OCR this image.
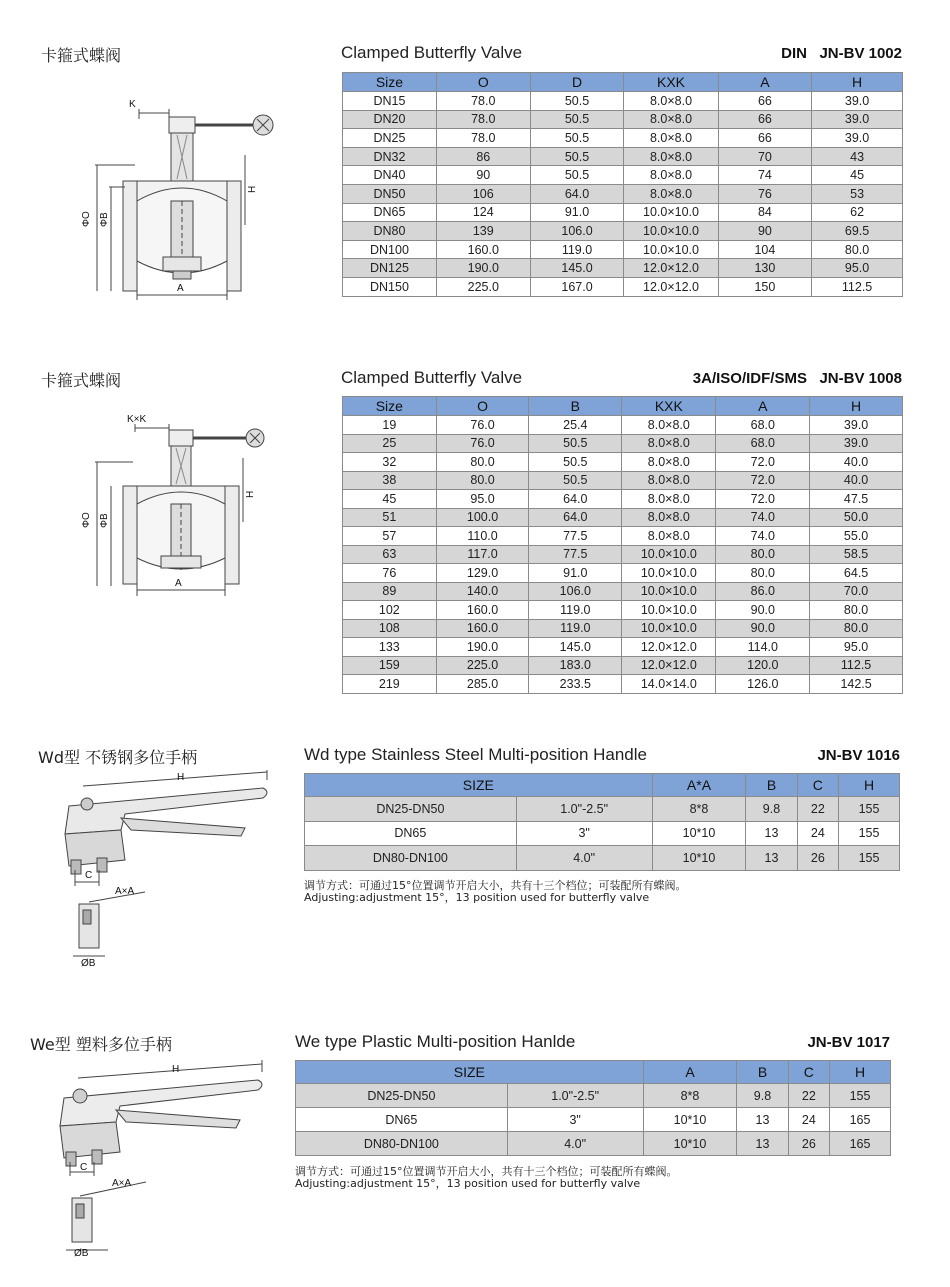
卡箍式蝶阀	Clamped Butterfly Valve	DIN   JN-BV 1002
K
ΦO ΦB
H
A
Size	O	D	KXK	A	H
DN15	78.0	50.5	8.0×8.0	66	39.0
DN20	78.0	50.5	8.0×8.0	66	39.0
DN25	78.0	50.5	8.0×8.0	66	39.0
DN32	86	50.5	8.0×8.0	70	43
DN40	90	50.5	8.0×8.0	74	45
DN50	106	64.0	8.0×8.0	76	53
DN65	124	91.0	10.0×10.0	84	62
DN80	139	106.0	10.0×10.0	90	69.5
DN100	160.0	119.0	10.0×10.0	104	80.0
DN125	190.0	145.0	12.0×12.0	130	95.0
DN150	225.0	167.0	12.0×12.0	150	112.5
卡箍式蝶阀	Clamped Butterfly Valve	3A/ISO/IDF/SMS   JN-BV 1008
K×K
ΦO ΦB
H
A
Size	O	B	KXK	A	H
19	76.0	25.4	8.0×8.0	68.0	39.0
25	76.0	50.5	8.0×8.0	68.0	39.0
32	80.0	50.5	8.0×8.0	72.0	40.0
38	80.0	50.5	8.0×8.0	72.0	40.0
45	95.0	64.0	8.0×8.0	72.0	47.5
51	100.0	64.0	8.0×8.0	74.0	50.0
57	110.0	77.5	8.0×8.0	74.0	55.0
63	117.0	77.5	10.0×10.0	80.0	58.5
76	129.0	91.0	10.0×10.0	80.0	64.5
89	140.0	106.0	10.0×10.0	86.0	70.0
102	160.0	119.0	10.0×10.0	90.0	80.0
108	160.0	119.0	10.0×10.0	90.0	80.0
133	190.0	145.0	12.0×12.0	114.0	95.0
159	225.0	183.0	12.0×12.0	120.0	112.5
219	285.0	233.5	14.0×14.0	126.0	142.5
Wd型 不锈钢多位手柄	Wd type Stainless Steel Multi-position Handle	JN-BV 1016
H
C
A×A
ØB
SIZE		A*A	B	C	H
DN25-DN50	1.0"-2.5"	8*8	9.8	22	155
DN65	3"	10*10	13	24	155
DN80-DN100	4.0"	10*10	13	26	155
调节方式：可通过15°位置调节开启大小，共有十三个档位；可装配所有蝶阀。
Adjusting:adjustment 15°，13 position used for butterfly valve
We型 塑料多位手柄	We type Plastic Multi-position Hanlde	JN-BV 1017
H
C
A×A
ØB
SIZE		A	B	C	H
DN25-DN50	1.0"-2.5"	8*8	9.8	22	155
DN65	3"	10*10	13	24	165
DN80-DN100	4.0"	10*10	13	26	165
调节方式：可通过15°位置调节开启大小，共有十三个档位；可装配所有蝶阀。
Adjusting:adjustment 15°，13 position used for butterfly valve
